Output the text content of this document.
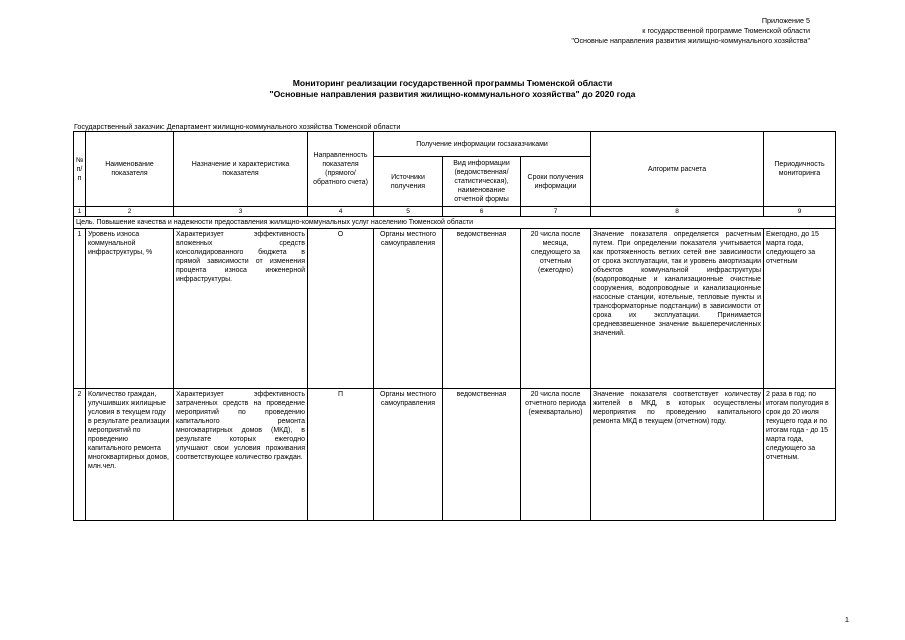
Приложение 5
к государственной программе Тюменской области
"Основные направления развития жилищно-коммунального хозяйства"
Мониторинг реализации государственной программы Тюменской области
"Основные направления развития жилищно-коммунального хозяйства" до 2020 года
Государственный заказчик: Департамент жилищно-коммунального хозяйства Тюменской области
№ п/п	Наименование показателя	Назначение и характеристика показателя	Направленность показателя (прямого/ обратного счета)	Получение информации госзаказчиками			Алгоритм расчета	Периодичность мониторинга
				Источники получения	Вид информации (ведомственная/ статистическая), наименование отчетной формы	Сроки получения информации		
1	2	3	4	5	6	7	8	9
Цель. Повышение качества и надежности предоставления жилищно-коммунальных услуг населению Тюменской области								
1	Уровень износа коммунальной инфраструктуры, %	Характеризует эффективность вложенных средств консолидированного бюджета в прямой зависимости от изменения процента износа инженерной инфраструктуры.	О	Органы местного самоуправления	ведомственная	20 числа после месяца, следующего за отчетным (ежегодно)	Значение показателя определяется расчетным путем. При определении показателя учитывается как протяженность ветхих сетей вне зависимости от срока эксплуатации, так и уровень амортизации объектов коммунальной инфраструктуры (водопроводные и канализационные очистные сооружения, водопроводные и канализационные насосные станции, котельные, тепловые пункты и трансформаторные подстанции) в зависимости от срока их эксплуатации. Принимается средневзвешенное значение вышеперечисленных значений.	Ежегодно, до 15 марта года, следующего за отчетным
2	Количество граждан, улучшивших жилищные условия в текущем году в результате реализации мероприятий по проведению капитального ремонта многоквартирных домов, млн.чел.	Характеризует эффективность затраченных средств на проведение мероприятий по проведению капитального ремонта многоквартирных домов (МКД), в результате которых ежегодно улучшают свои условия проживания соответствующее количество граждан.	П	Органы местного самоуправления	ведомственная	20 числа после отчетного периода (ежеквартально)	Значение показателя соответствует количеству жителей в МКД, в которых осуществлены мероприятия по проведению капитального ремонта МКД в текущем (отчетном) году.	2 раза в год: по итогам полугодия в срок до 20 июля текущего года и по итогам года - до 15 марта года, следующего за отчетным.
1
